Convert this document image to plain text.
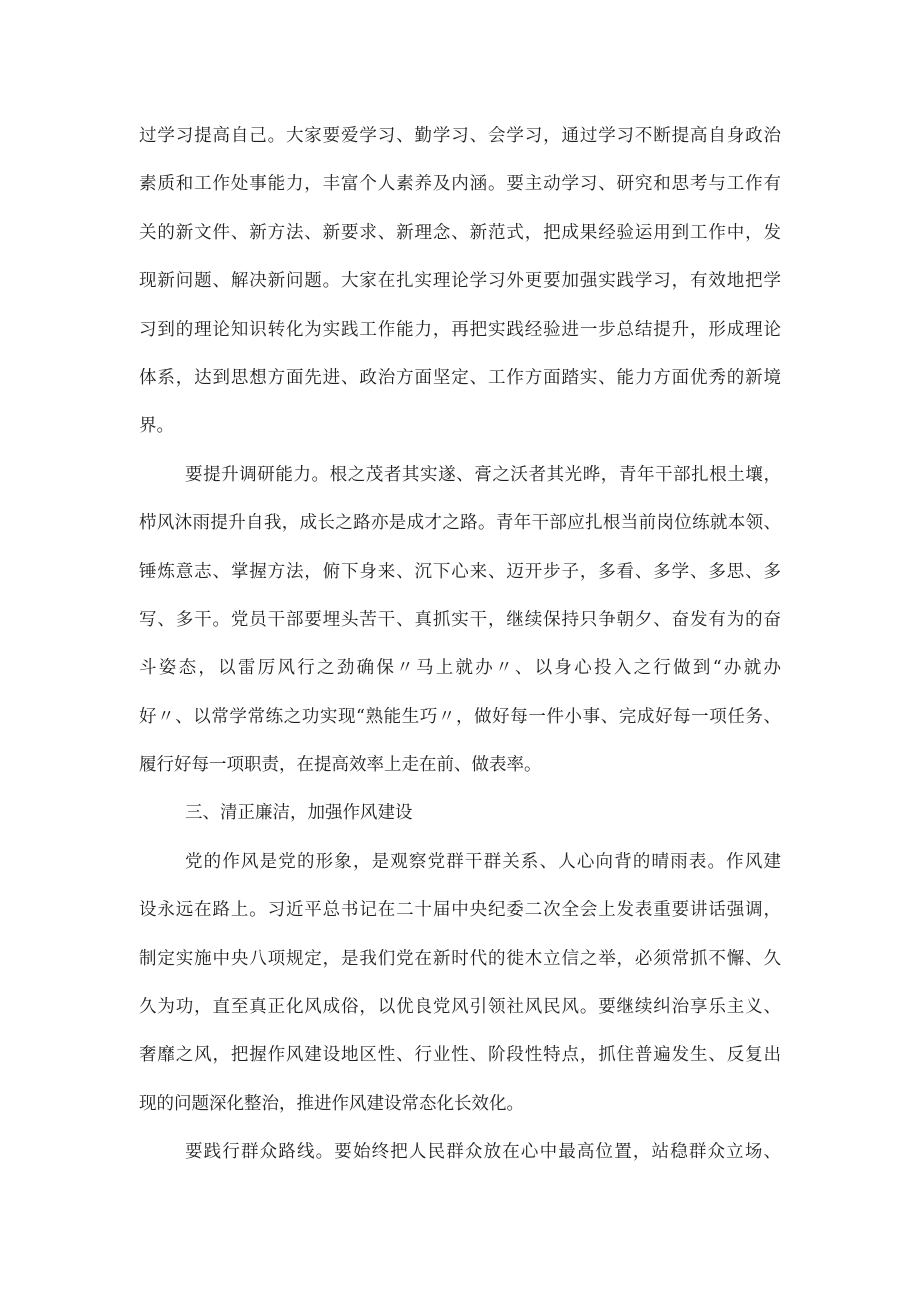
过学习提高自己。大家要爱学习、勤学习、会学习，通过学习不断提高自身政治
素质和工作处事能力，丰富个人素养及内涵。要主动学习、研究和思考与工作有
关的新文件、新方法、新要求、新理念、新范式，把成果经验运用到工作中，发
现新问题、解决新问题。大家在扎实理论学习外更要加强实践学习，有效地把学
习到的理论知识转化为实践工作能力，再把实践经验进一步总结提升，形成理论
体系，达到思想方面先进、政治方面坚定、工作方面踏实、能力方面优秀的新境
界。
要提升调研能力。根之茂者其实遂、膏之沃者其光晔，青年干部扎根土壤，
栉风沐雨提升自我，成长之路亦是成才之路。青年干部应扎根当前岗位练就本领、
锤炼意志、掌握方法，俯下身来、沉下心来、迈开步子，多看、多学、多思、多
写、多干。党员干部要埋头苦干、真抓实干，继续保持只争朝夕、奋发有为的奋
斗姿态，以雷厉风行之劲确保〃马上就办〃、以身心投入之行做到“办就办
好〃、以常学常练之功实现“熟能生巧〃，做好每一件小事、完成好每一项任务、
履行好每一项职责，在提高效率上走在前、做表率。
三、清正廉洁，加强作风建设
党的作风是党的形象，是观察党群干群关系、人心向背的晴雨表。作风建
设永远在路上。习近平总书记在二十届中央纪委二次全会上发表重要讲话强调，
制定实施中央八项规定，是我们党在新时代的徙木立信之举，必须常抓不懈、久
久为功，直至真正化风成俗，以优良党风引领社风民风。要继续纠治享乐主义、
奢靡之风，把握作风建设地区性、行业性、阶段性特点，抓住普遍发生、反复出
现的问题深化整治，推进作风建设常态化长效化。
要践行群众路线。要始终把人民群众放在心中最高位置，站稳群众立场、
